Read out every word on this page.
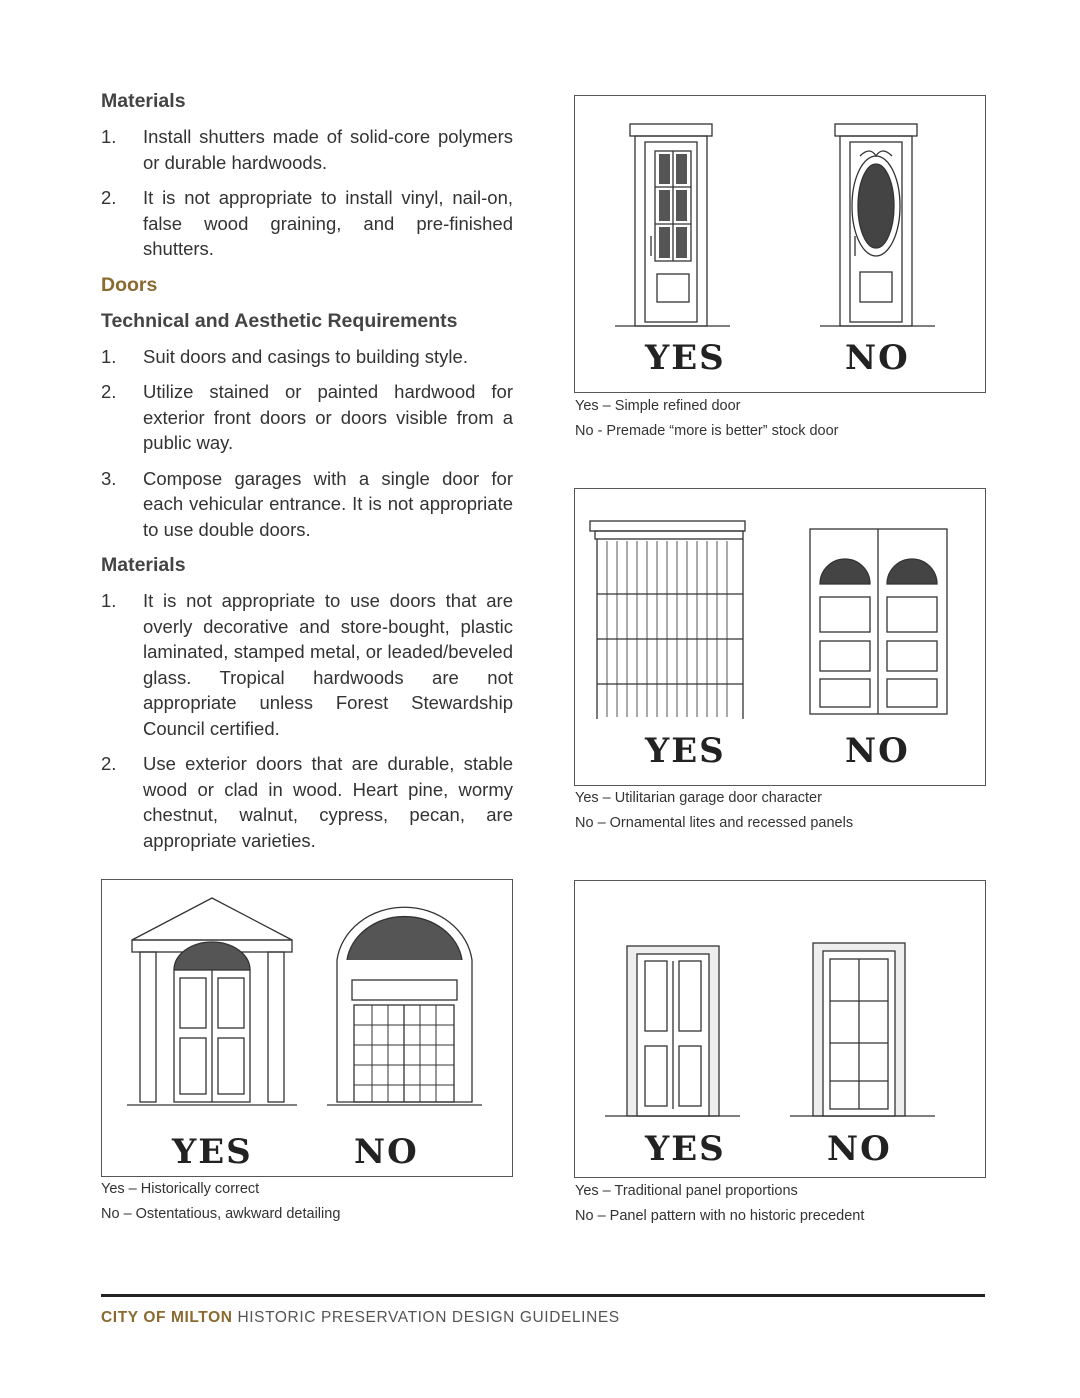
Materials
1. Install shutters made of solid-core polymers or durable hardwoods.
2. It is not appropriate to install vinyl, nail-on, false wood graining, and pre-finished shutters.
Doors
Technical and Aesthetic Requirements
1. Suit doors and casings to building style.
2. Utilize stained or painted hardwood for exterior front doors or doors visible from a public way.
3. Compose garages with a single door for each vehicular entrance. It is not appropriate to use double doors.
Materials
1. It is not appropriate to use doors that are overly decorative and store-bought, plastic laminated, stamped metal, or leaded/beveled glass. Tropical hardwoods are not appropriate unless Forest Stewardship Council certified.
2. Use exterior doors that are durable, stable wood or clad in wood. Heart pine, wormy chestnut, walnut, cypress, pecan, are appropriate varieties.
YES	NO
Yes – Simple refined door
No - Premade “more is better” stock door
YES	NO
Yes – Utilitarian garage door character
No – Ornamental lites and recessed panels
YES	NO
Yes – Historically correct
No – Ostentatious, awkward detailing
YES	NO
Yes – Traditional panel proportions
No – Panel pattern with no historic precedent
CITY OF MILTON HISTORIC PRESERVATION DESIGN GUIDELINES
